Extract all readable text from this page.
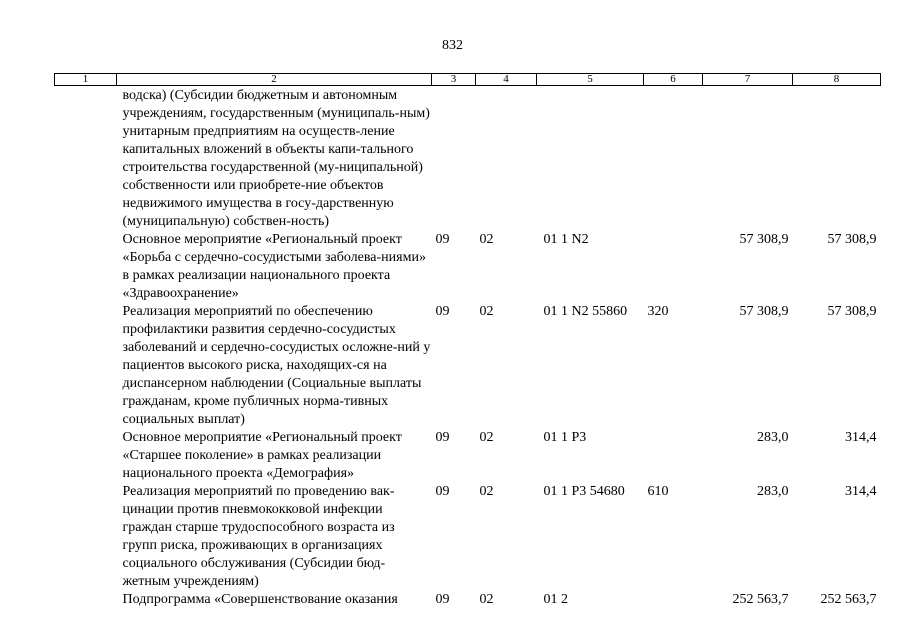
832
1	2	3	4	5	6	7	8
	водска) (Субсидии бюджетным и автономным учреждениям, государственным (муниципаль-ным) унитарным предприятиям на осуществ-ление капитальных вложений в объекты капи-тального строительства государственной (му-ниципальной) собственности или приобрете-ние объектов недвижимого имущества в госу-дарственную (муниципальную) собствен-ность)						
	Основное мероприятие «Региональный проект «Борьба с сердечно-сосудистыми заболева-ниями» в рамках реализации национального проекта «Здравоохранение»	09	02	01 1 N2		57 308,9	57 308,9
	Реализация мероприятий по обеспечению профилактики развития сердечно-сосудистых заболеваний и сердечно-сосудистых осложне-ний у пациентов высокого риска, находящих-ся на диспансерном наблюдении (Социальные выплаты гражданам, кроме публичных норма-тивных социальных выплат)	09	02	01 1 N2 55860	320	57 308,9	57 308,9
	Основное мероприятие «Региональный проект «Старшее поколение» в рамках реализации национального проекта «Демография»	09	02	01 1 P3		283,0	314,4
	Реализация мероприятий по проведению вак-цинации против пневмококковой инфекции граждан старше трудоспособного возраста из групп риска, проживающих в организациях социального обслуживания (Субсидии бюд-жетным учреждениям)	09	02	01 1 P3 54680	610	283,0	314,4
	Подпрограмма «Совершенствование оказания	09	02	01 2		252 563,7	252 563,7
